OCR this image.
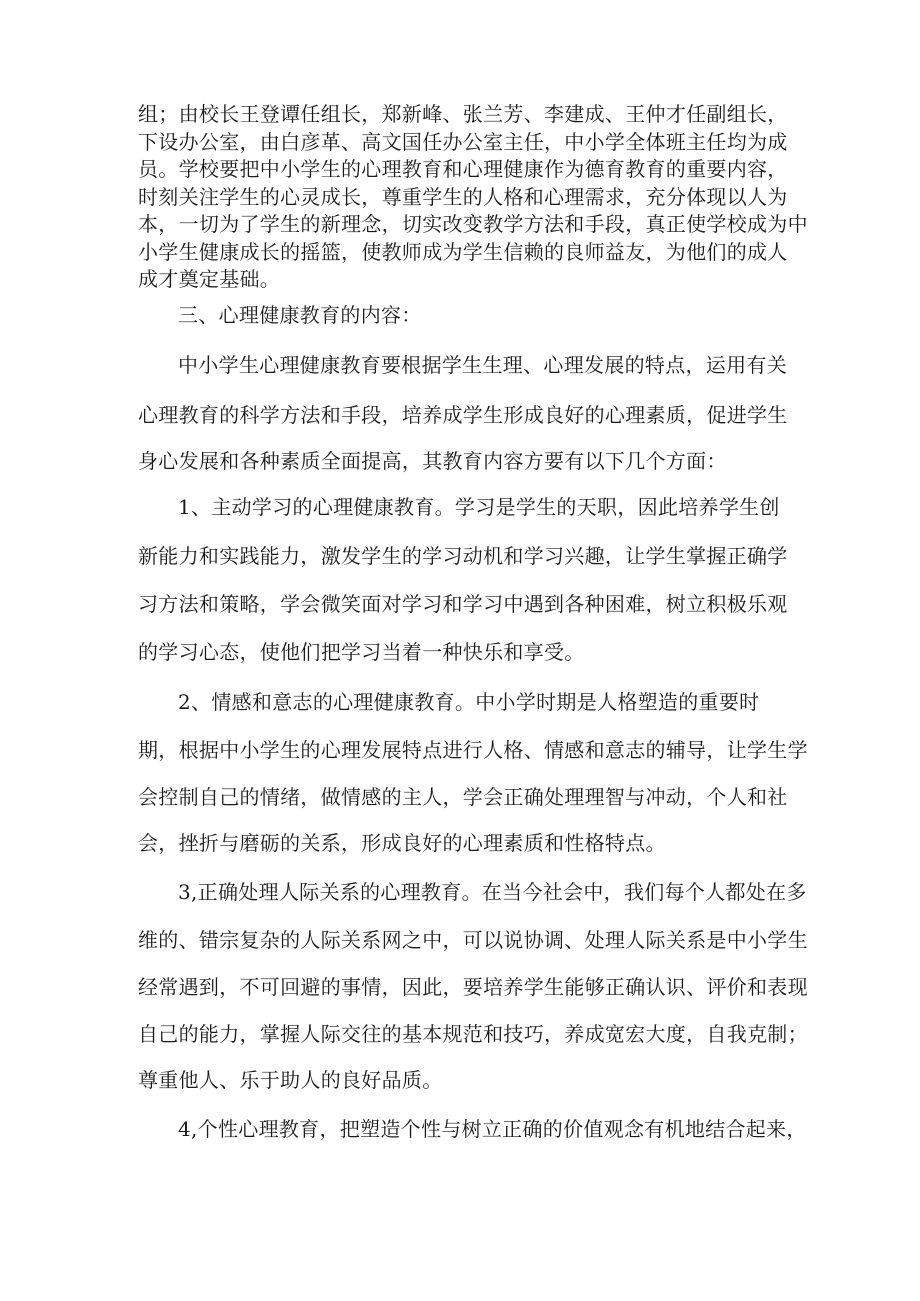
组；由校长王登谭任组长，郑新峰、张兰芳、李建成、王仲才任副组长，
下设办公室，由白彦革、高文国任办公室主任，中小学全体班主任均为成
员。学校要把中小学生的心理教育和心理健康作为德育教育的重要内容，
时刻关注学生的心灵成长，尊重学生的人格和心理需求，充分体现以人为
本，一切为了学生的新理念，切实改变教学方法和手段，真正使学校成为中
小学生健康成长的摇篮，使教师成为学生信赖的良师益友，为他们的成人
成才奠定基础。
三、心理健康教育的内容：
中小学生心理健康教育要根据学生生理、心理发展的特点，运用有关
心理教育的科学方法和手段，培养成学生形成良好的心理素质，促进学生
身心发展和各种素质全面提高，其教育内容方要有以下几个方面：
1、主动学习的心理健康教育。学习是学生的天职，因此培养学生创
新能力和实践能力，激发学生的学习动机和学习兴趣，让学生掌握正确学
习方法和策略，学会微笑面对学习和学习中遇到各种困难，树立积极乐观
的学习心态，使他们把学习当着一种快乐和享受。
2、情感和意志的心理健康教育。中小学时期是人格塑造的重要时
期，根据中小学生的心理发展特点进行人格、情感和意志的辅导，让学生学
会控制自己的情绪，做情感的主人，学会正确处理理智与冲动，个人和社
会，挫折与磨砺的关系，形成良好的心理素质和性格特点。
3,正确处理人际关系的心理教育。在当今社会中，我们每个人都处在多
维的、错宗复杂的人际关系网之中，可以说协调、处理人际关系是中小学生
经常遇到，不可回避的事情，因此，要培养学生能够正确认识、评价和表现
自己的能力，掌握人际交往的基本规范和技巧，养成宽宏大度，自我克制；
尊重他人、乐于助人的良好品质。
4,个性心理教育，把塑造个性与树立正确的价值观念有机地结合起来，
